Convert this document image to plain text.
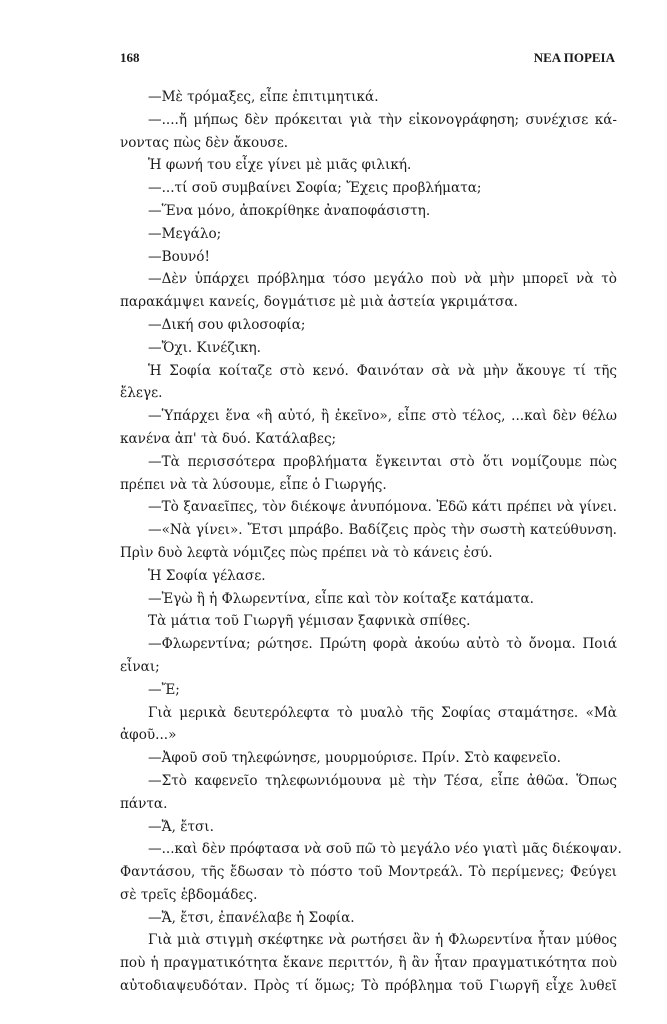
168	ΝΕΑ ΠΟΡΕΙΑ
—Μὲ τρόμαξες, εἶπε ἐπιτιμητικά.
—....ἤ μήπως δὲν πρόκειται γιὰ τὴν εἰκονογράφηση; συνέχισε κά-
νοντας πὼς δὲν ἄκουσε.
Ἡ φωνή του εἶχε γίνει μὲ μιᾶς φιλική.
—...τί σοῦ συμβαίνει Σοφία; Ἔχεις προβλήματα;
—Ἕνα μόνο, ἀποκρίθηκε ἀναποφάσιστη.
—Μεγάλο;
—Βουνό!
—Δὲν ὑπάρχει πρόβλημα τόσο μεγάλο ποὺ νὰ μὴν μπορεῖ νὰ τὸ
παρακάμψει κανείς, δογμάτισε μὲ μιὰ ἀστεία γκριμάτσα.
—Δική σου φιλοσοφία;
—Ὄχι. Κινέζικη.
Ἡ Σοφία κοίταζε στὸ κενό. Φαινόταν σὰ νὰ μὴν ἄκουγε τί τῆς
ἔλεγε.
—Ὑπάρχει ἕνα «ἢ αὐτό, ἢ ἐκεῖνο», εἶπε στὸ τέλος, ...καὶ δὲν θέλω
κανένα ἀπ' τὰ δυό. Κατάλαβες;
—Τὰ περισσότερα προβλήματα ἔγκεινται στὸ ὅτι νομίζουμε πὼς
πρέπει νὰ τὰ λύσουμε, εἶπε ὁ Γιωργής.
—Τὸ ξαναεῖπες, τὸν διέκοψε ἀνυπόμονα. Ἐδῶ κάτι πρέπει νὰ γίνει.
—«Νὰ γίνει». Ἔτσι μπράβο. Βαδίζεις πρὸς τὴν σωστὴ κατεύθυνση.
Πρὶν δυὸ λεφτὰ νόμιζες πὼς πρέπει νὰ τὸ κάνεις ἐσύ.
Ἡ Σοφία γέλασε.
—Ἐγὼ ἢ ἡ Φλωρεντίνα, εἶπε καὶ τὸν κοίταξε κατάματα.
Τὰ μάτια τοῦ Γιωργῆ γέμισαν ξαφνικὰ σπίθες.
—Φλωρεντίνα; ρώτησε. Πρώτη φορὰ ἀκούω αὐτὸ τὸ ὄνομα. Ποιά
εἶναι;
—Ἔ;
Γιὰ μερικὰ δευτερόλεφτα τὸ μυαλὸ τῆς Σοφίας σταμάτησε. «Μὰ
ἀφοῦ...»
—Ἀφοῦ σοῦ τηλεφώνησε, μουρμούρισε. Πρίν. Στὸ καφενεῖο.
—Στὸ καφενεῖο τηλεφωνιόμουνα μὲ τὴν Τέσα, εἶπε ἀθῶα. Ὅπως
πάντα.
—Ἄ, ἔτσι.
—...καὶ δὲν πρόφτασα νὰ σοῦ πῶ τὸ μεγάλο νέο γιατὶ μᾶς διέκοψαν.
Φαντάσου, τῆς ἔδωσαν τὸ πόστο τοῦ Μοντρεάλ. Τὸ περίμενες; Φεύγει
σὲ τρεῖς ἑβδομάδες.
—Ἄ, ἔτσι, ἐπανέλαβε ἡ Σοφία.
Γιὰ μιὰ στιγμὴ σκέφτηκε νὰ ρωτήσει ἂν ἡ Φλωρεντίνα ἦταν μύθος
ποὺ ἡ πραγματικότητα ἔκανε περιττόν, ἢ ἂν ἦταν πραγματικότητα ποὺ
αὐτοδιαψευδόταν. Πρὸς τί ὅμως; Τὸ πρόβλημα τοῦ Γιωργῆ εἶχε λυθεῖ
